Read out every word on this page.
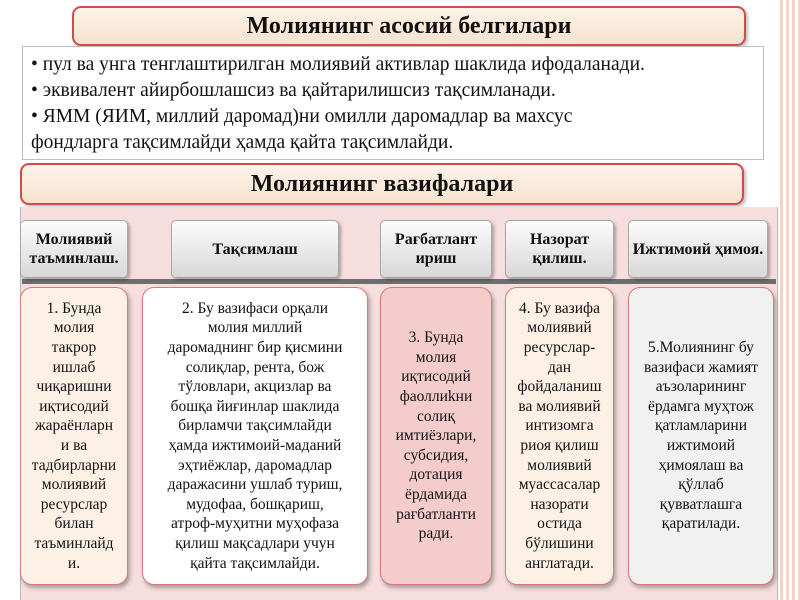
Молиянинг асосий белгилари
• пул ва унга тенглаштирилган молиявий активлар шаклида ифодаланади.
• эквивалент айирбошлашсиз ва қайтарилишсиз тақсимланади.
• ЯММ (ЯИМ, миллий даромад)ни омилли даромадлар ва махсус
фондларга тақсимлайди ҳамда қайта тақсимлайди.
Молиянинг вазифалари
Молиявий таъминлаш.
Тақсимлаш
Рағбатлант ириш
Назорат қилиш.
Ижтимоий ҳимоя.
1. Бунда
молия
такрор
ишлаб
чиқаришни
иқтисодий
жараёнларн
и ва
тадбирларни
молиявий
ресурслар
билан
таъминлайд
и.
2. Бу вазифаси орқали
молия миллий
даромаднинг бир қисмини
солиқлар, рента, бож
тўловлари, акцизлар ва
бошқа йиғинлар шаклида
бирламчи тақсимлайди
ҳамда ижтимоий-маданий
эҳтиёжлар, даромадлар
даражасини ушлаб туриш,
мудофаа, бошқариш,
атроф-муҳитни муҳофаза
қилиш мақсадлари учун
қайта тақсимлайди.
3. Бунда
молия
иқтисодий
фаоллиkни
солиқ
имтиёзлари,
субсидия,
дотация
ёрдамида
рағбатланти
ради.
4. Бу вазифа
молиявий
ресурслар-
дан
фойдаланиш
ва молиявий
интизомга
риоя қилиш
молиявий
муассасалар
назорати
остида
бўлишини
англатади.
5.Молиянинг бу
вазифаси жамият
аъзоларининг
ёрдамга муҳтож
қатламларини
ижтимоий
ҳимоялаш ва
қўллаб
қувватлашга
қаратилади.
